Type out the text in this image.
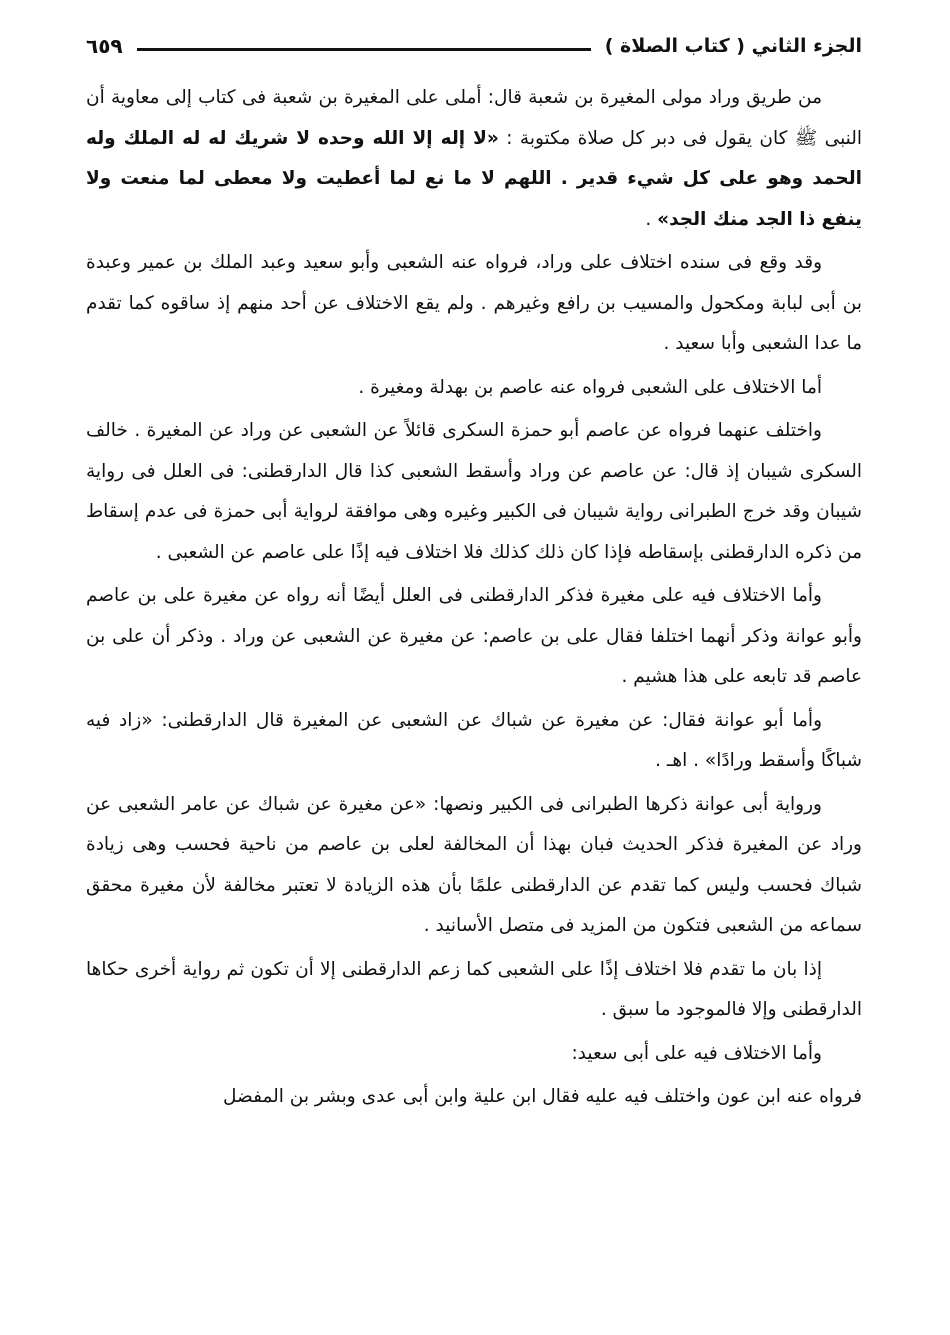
الجزء الثاني ( كتاب الصلاة )
٦٥٩

من طريق وراد مولى المغيرة بن شعبة قال: أملى على المغيرة بن شعبة فى كتاب إلى معاوية أن النبى ﷺ كان يقول فى دبر كل صلاة مكتوبة : «لا إله إلا الله وحده لا شريك له له الملك وله الحمد وهو على كل شيء قدير . اللهم لا ما نع لما أعطيت ولا معطى لما منعت ولا ينفع ذا الجد منك الجد» .

وقد وقع فى سنده اختلاف على وراد، فرواه عنه الشعبى وأبو سعيد وعبد الملك بن عمير وعبدة بن أبى لبابة ومكحول والمسيب بن رافع وغيرهم . ولم يقع الاختلاف عن أحد منهم إذ ساقوه كما تقدم ما عدا الشعبى وأبا سعيد .

أما الاختلاف على الشعبى فرواه عنه عاصم بن بهدلة ومغيرة .

واختلف عنهما فرواه عن عاصم أبو حمزة السكرى قائلاً عن الشعبى عن وراد عن المغيرة . خالف السكرى شيبان إذ قال: عن عاصم عن وراد وأسقط الشعبى كذا قال الدارقطنى: فى العلل فى رواية شيبان وقد خرج الطبرانى رواية شيبان فى الكبير وغيره وهى موافقة لرواية أبى حمزة فى عدم إسقاط من ذكره الدارقطنى بإسقاطه فإذا كان ذلك كذلك فلا اختلاف فيه إذًا على عاصم عن الشعبى .

وأما الاختلاف فيه على مغيرة فذكر الدارقطنى فى العلل أيضًا أنه رواه عن مغيرة على بن عاصم وأبو عوانة وذكر أنهما اختلفا فقال على بن عاصم: عن مغيرة عن الشعبى عن وراد . وذكر أن على بن عاصم قد تابعه على هذا هشيم .

وأما أبو عوانة فقال: عن مغيرة عن شباك عن الشعبى عن المغيرة قال الدارقطنى: «زاد فيه شباكًا وأسقط ورادًا» . اهـ .

ورواية أبى عوانة ذكرها الطبرانى فى الكبير ونصها: «عن مغيرة عن شباك عن عامر الشعبى عن وراد عن المغيرة فذكر الحديث فبان بهذا أن المخالفة لعلى بن عاصم من ناحية فحسب وهى زيادة شباك فحسب وليس كما تقدم عن الدارقطنى علمًا بأن هذه الزيادة لا تعتبر مخالفة لأن مغيرة محقق سماعه من الشعبى فتكون من المزيد فى متصل الأسانيد .

إذا بان ما تقدم فلا اختلاف إذًا على الشعبى كما زعم الدارقطنى إلا أن تكون ثم رواية أخرى حكاها الدارقطنى وإلا فالموجود ما سبق .

وأما الاختلاف فيه على أبى سعيد:

فرواه عنه ابن عون واختلف فيه عليه فقال ابن علية وابن أبى عدى وبشر بن المفضل
